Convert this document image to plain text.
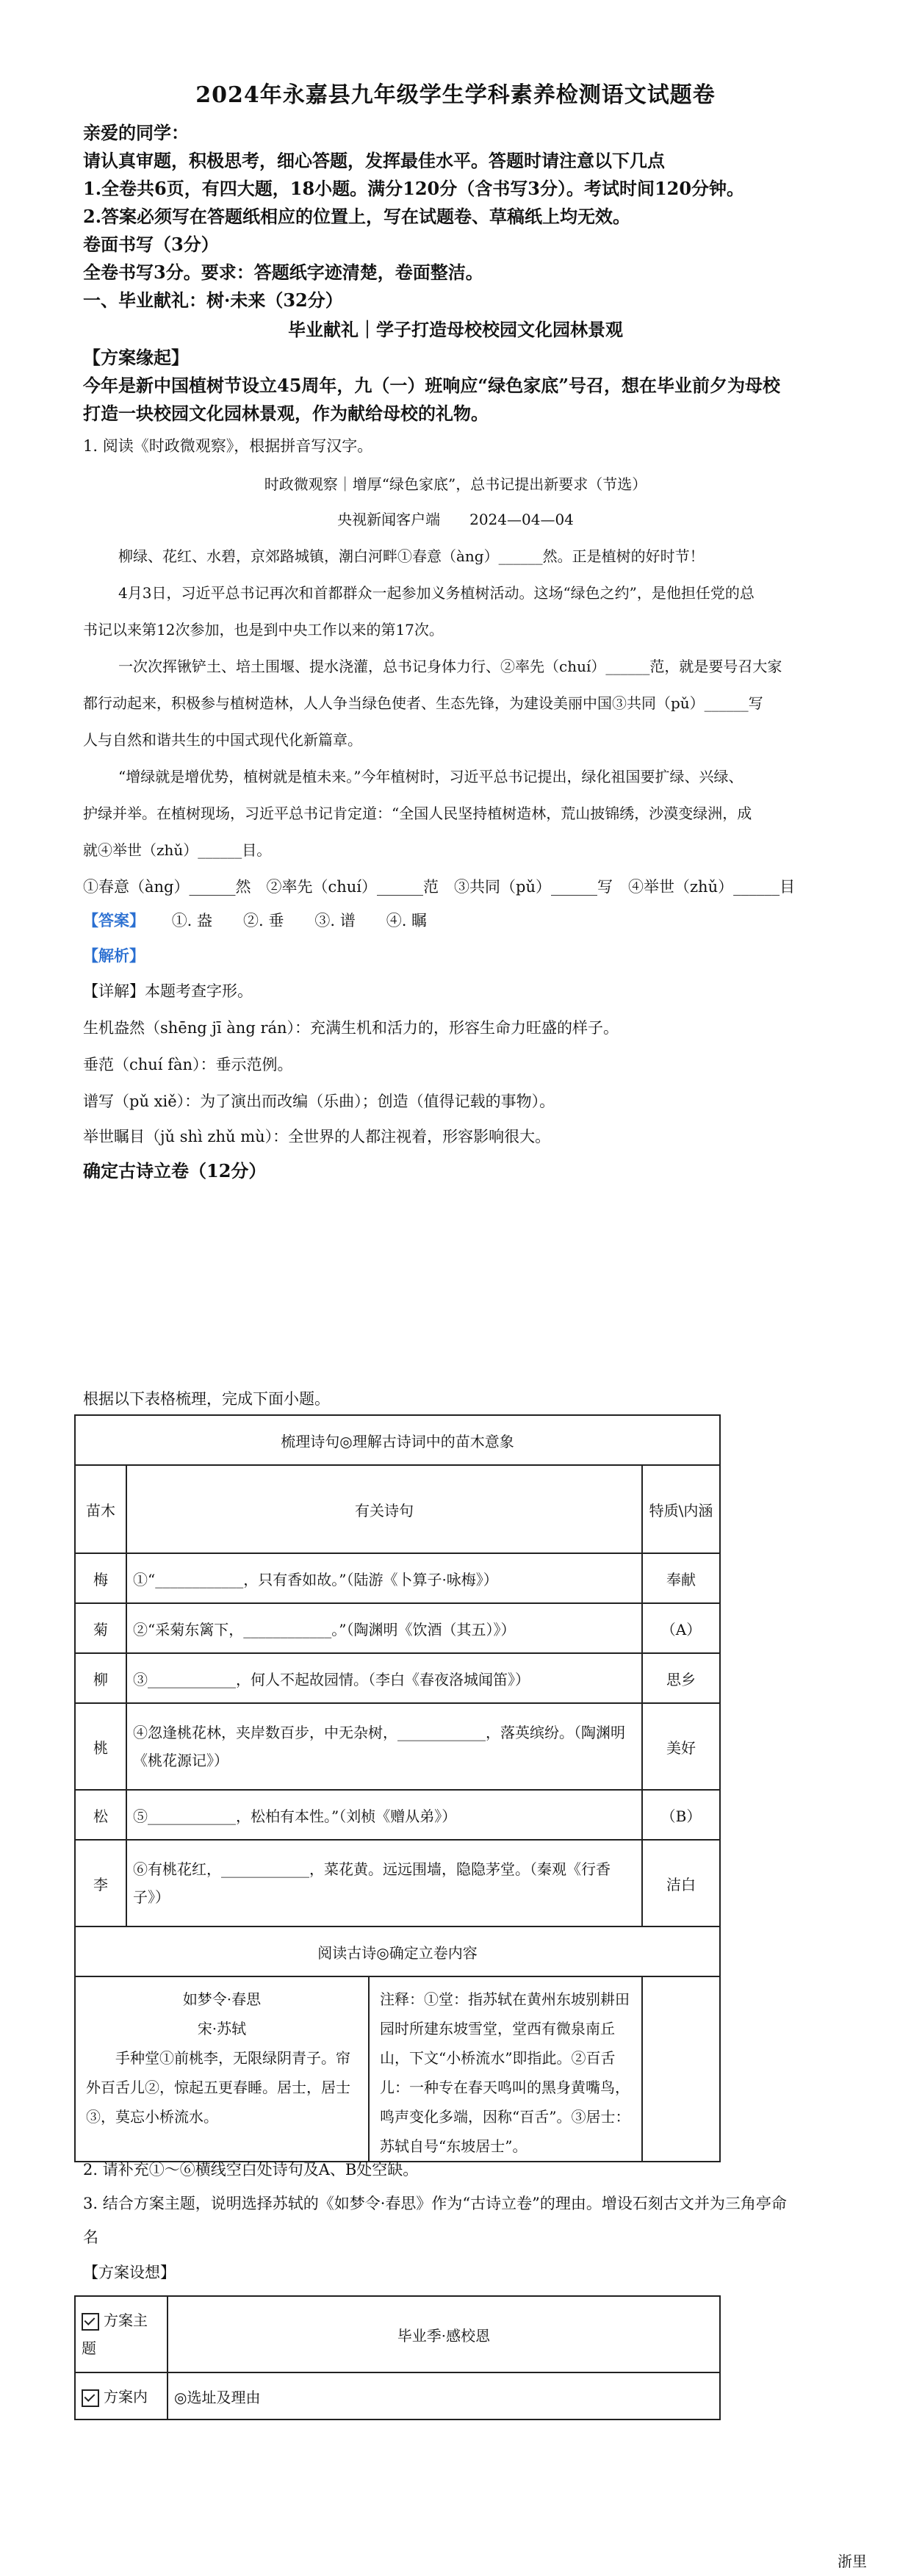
2024年永嘉县九年级学生学科素养检测语文试题卷
亲爱的同学：
请认真审题，积极思考，细心答题，发挥最佳水平。答题时请注意以下几点
1.全卷共6页，有四大题，18小题。满分120分（含书写3分）。考试时间120分钟。
2.答案必须写在答题纸相应的位置上，写在试题卷、草稿纸上均无效。
卷面书写（3分）
全卷书写3分。要求：答题纸字迹清楚，卷面整洁。
一、毕业献礼：树·未来（32分）
毕业献礼｜学子打造母校校园文化园林景观
【方案缘起】
今年是新中国植树节设立45周年，九（一）班响应“绿色家底”号召，想在毕业前夕为母校
打造一块校园文化园林景观，作为献给母校的礼物。
1. 阅读《时政微观察》，根据拼音写汉字。
时政微观察｜增厚“绿色家底”，总书记提出新要求（节选）
央视新闻客户端　　2024—04—04
柳绿、花红、水碧，京郊路城镇，潮白河畔①春意（àng）______然。正是植树的好时节！
4月3日，习近平总书记再次和首都群众一起参加义务植树活动。这场“绿色之约”，是他担任党的总
书记以来第12次参加，也是到中央工作以来的第17次。
一次次挥锹铲土、培土围堰、提水浇灌，总书记身体力行、②率先（chuí）______范，就是要号召大家
都行动起来，积极参与植树造林，人人争当绿色使者、生态先锋，为建设美丽中国③共同（pǔ）______写
人与自然和谐共生的中国式现代化新篇章。
“增绿就是增优势，植树就是植未来。”今年植树时，习近平总书记提出，绿化祖国要扩绿、兴绿、
护绿并举。在植树现场，习近平总书记肯定道：“全国人民坚持植树造林，荒山披锦绣，沙漠变绿洲，成
就④举世（zhǔ）______目。
①春意（àng）______然　②率先（chuí）______范　③共同（pǔ）______写　④举世（zhǔ）______目
【答案】 ①. 盎　　②. 垂　　③. 谱　　④. 瞩
【解析】
【详解】本题考查字形。
生机盎然（shēng jī àng rán）：充满生机和活力的，形容生命力旺盛的样子。
垂范（chuí fàn）：垂示范例。
谱写（pǔ xiě）：为了演出而改编（乐曲）；创造（值得记载的事物）。
举世瞩目（jǔ shì zhǔ mù）：全世界的人都注视着，形容影响很大。
确定古诗立卷（12分）
根据以下表格梳理，完成下面小题。
梳理诗句◎理解古诗词中的苗木意象		
苗木	有关诗句	特质\内涵
梅	①“____________，只有香如故。”（陆游《卜算子·咏梅》）	奉献
菊	②“采菊东篱下，____________。”（陶渊明《饮酒（其五）》）	（A）
柳	③____________，何人不起故园情。（李白《春夜洛城闻笛》）	思乡
桃	④忽逢桃花林，夹岸数百步，中无杂树，____________，落英缤纷。（陶渊明《桃花源记》）	美好
松	⑤____________，松柏有本性。”（刘桢《赠从弟》）	（B）
李	⑥有桃花红，____________，菜花黄。远远围墙，隐隐茅堂。（秦观《行香子》）	洁白
阅读古诗◎确定立卷内容		

如梦令·春思
宋·苏轼
手种堂①前桃李，无限绿阴青子。帘外百舌儿②，惊起五更春睡。居士，居士③，莫忘小桥流水。
注释：①堂：指苏轼在黄州东坡别耕田园时所建东坡雪堂，堂西有微泉南丘山，下文“小桥流水”即指此。②百舌儿：一种专在春天鸣叫的黑身黄嘴鸟，鸣声变化多端，因称“百舌”。③居士：苏轼自号“东坡居士”。		

2. 请补充①～⑥横线空白处诗句及A、B处空缺。
3. 结合方案主题，说明选择苏轼的《如梦令·春思》作为“古诗立卷”的理由。增设石刻古文并为三角亭命
名
【方案设想】
方案主题	毕业季·感校恩
方案内	◎选址及理由
浙里
